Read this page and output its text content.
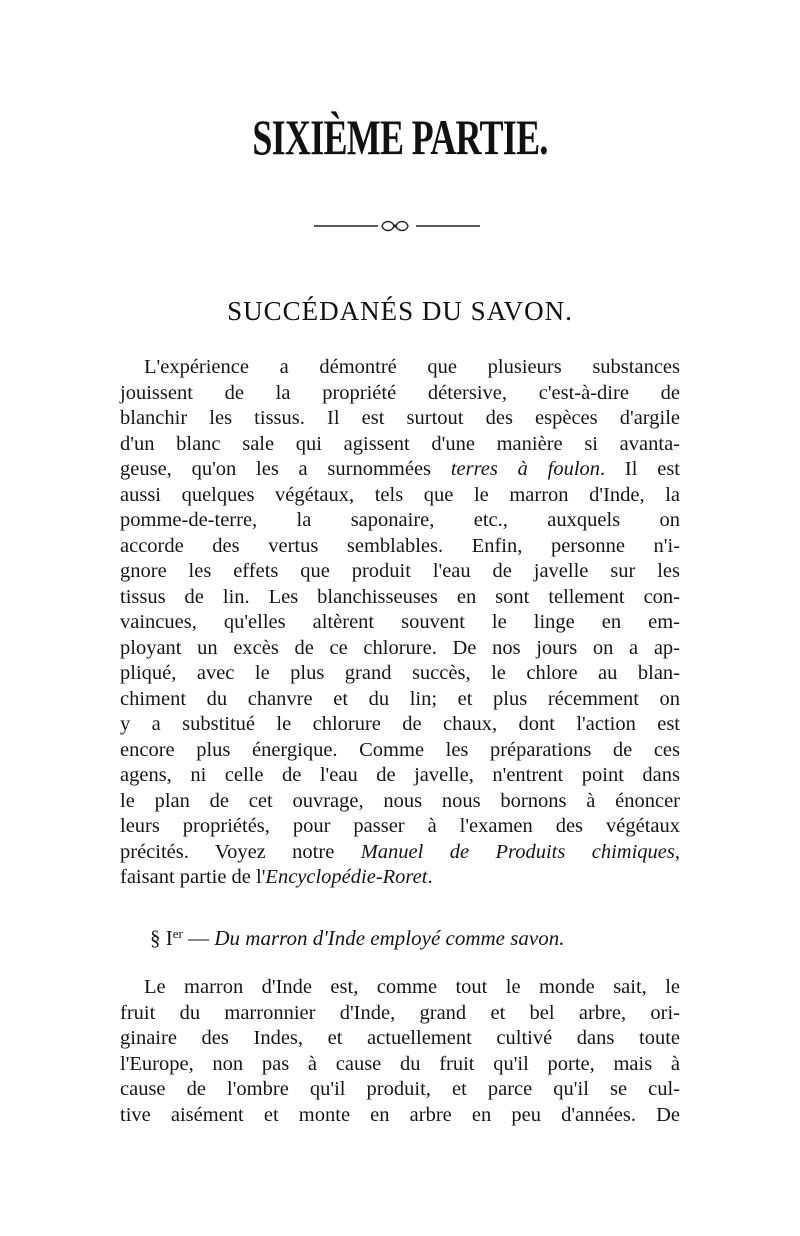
SIXIÈME PARTIE.
SUCCÉDANÉS DU SAVON.
L'expérience a démontré que plusieurs substances
jouissent de la propriété détersive, c'est-à-dire de
blanchir les tissus. Il est surtout des espèces d'argile
d'un blanc sale qui agissent d'une manière si avanta-
geuse, qu'on les a surnommées terres à foulon. Il est
aussi quelques végétaux, tels que le marron d'Inde, la
pomme-de-terre, la saponaire, etc., auxquels on
accorde des vertus semblables. Enfin, personne n'i-
gnore les effets que produit l'eau de javelle sur les
tissus de lin. Les blanchisseuses en sont tellement con-
vaincues, qu'elles altèrent souvent le linge en em-
ployant un excès de ce chlorure. De nos jours on a ap-
pliqué, avec le plus grand succès, le chlore au blan-
chiment du chanvre et du lin; et plus récemment on
y a substitué le chlorure de chaux, dont l'action est
encore plus énergique. Comme les préparations de ces
agens, ni celle de l'eau de javelle, n'entrent point dans
le plan de cet ouvrage, nous nous bornons à énoncer
leurs propriétés, pour passer à l'examen des végétaux
précités. Voyez notre Manuel de Produits chimiques,
faisant partie de l'Encyclopédie-Roret.
§ Ier — Du marron d'Inde employé comme savon.
Le marron d'Inde est, comme tout le monde sait, le
fruit du marronnier d'Inde, grand et bel arbre, ori-
ginaire des Indes, et actuellement cultivé dans toute
l'Europe, non pas à cause du fruit qu'il porte, mais à
cause de l'ombre qu'il produit, et parce qu'il se cul-
tive aisément et monte en arbre en peu d'années. De
